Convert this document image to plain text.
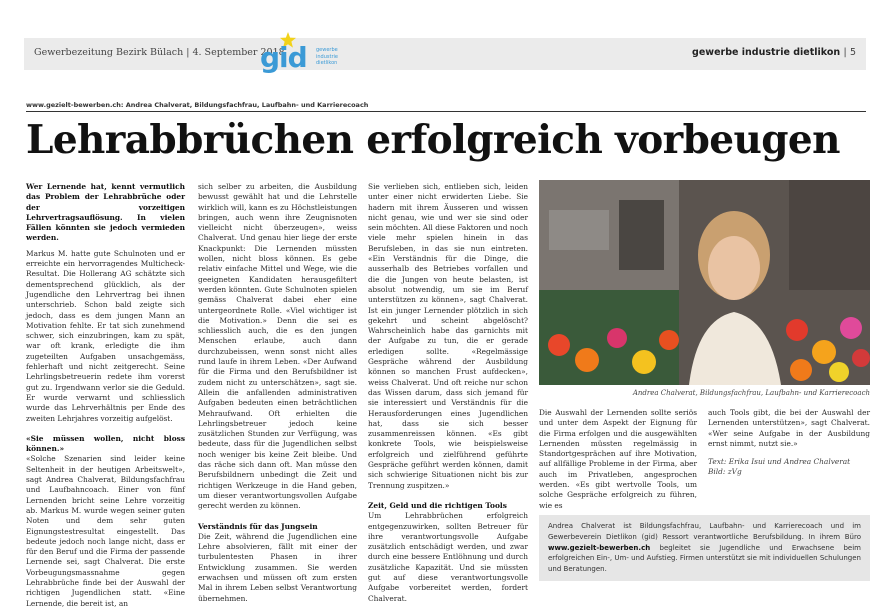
Gewerbezeitung Bezirk Bülach | 4. September 2018	gewerbe industrie dietlikon | 5
gid gewerbe
industrie
dietlikon
www.gezielt-bewerben.ch: Andrea Chalverat, Bildungsfachfrau, Laufbahn- und Karrierecoach
Lehrabbrüchen erfolgreich vorbeugen

Wer Lernende hat, kennt vermutlich das Problem der Lehrabbrüche oder der vorzeitigen Lehrvertragsauflösung. In vielen Fällen könnten sie jedoch vermieden werden.

Markus M. hatte gute Schulnoten und er erreichte ein hervorragendes Multicheck-Resultat. Die Hollerang AG schätzte sich dementsprechend glücklich, als der Jugendliche den Lehrvertrag bei ihnen unterschrieb. Schon bald zeigte sich jedoch, dass es dem jungen Mann an Motivation fehlte. Er tat sich zunehmend schwer, sich einzubringen, kam zu spät, war oft krank, erledigte die ihm zugeteilten Aufgaben unsachgemäss, fehlerhaft und nicht zeitgerecht. Seine Lehrlingsbetreuerin redete ihm vorerst gut zu. Irgendwann verlor sie die Geduld. Er wurde verwarnt und schliesslich wurde das Lehrverhältnis per Ende des zweiten Lehrjahres vorzeitig aufgelöst.

«Sie müssen wollen, nicht bloss können.»

«Solche Szenarien sind leider keine Seltenheit in der heutigen Arbeitswelt», sagt Andrea Chalverat, Bildungsfachfrau und Laufbahncoach. Einer von fünf Lernenden bricht seine Lehre vorzeitig ab. Markus M. wurde wegen seiner guten Noten und dem sehr guten Eignungstestresultat eingestellt. Das bedeute jedoch noch lange nicht, dass er für den Beruf und die Firma der passende Lernende sei, sagt Chalverat. Die erste Vorbeugungsmassnahme gegen Lehrabbrüche finde bei der Auswahl der richtigen Jugendlichen statt. «Eine Lernende, die bereit ist, an

sich selber zu arbeiten, die Ausbildung bewusst gewählt hat und die Lehrstelle wirklich will, kann es zu Höchstleistungen bringen, auch wenn ihre Zeugnisnoten vielleicht nicht überzeugen», weiss Chalverat. Und genau hier liege der erste Knackpunkt: Die Lernenden müssten wollen, nicht bloss können. Es gebe relativ einfache Mittel und Wege, wie die geeigneten Kandidaten herausgefiltert werden könnten. Gute Schulnoten spielen gemäss Chalverat dabei eher eine untergeordnete Rolle. «Viel wichtiger ist die Motivation.» Denn die sei es schliesslich auch, die es den jungen Menschen erlaube, auch dann durchzubeissen, wenn sonst nicht alles rund laufe in ihrem Leben. «Der Aufwand für die Firma und den Berufsbildner ist zudem nicht zu unterschätzen», sagt sie. Allein die anfallenden administrativen Aufgaben bedeuten einen beträchtlichen Mehraufwand. Oft erhielten die Lehrlingsbetreuer jedoch keine zusätzlichen Stunden zur Verfügung, was bedeute, dass für die Jugendlichen selbst noch weniger bis keine Zeit bleibe. Und das räche sich dann oft. Man müsse den Berufsbildnern unbedingt die Zeit und richtigen Werkzeuge in die Hand geben, um dieser verantwortungsvollen Aufgabe gerecht werden zu können.

Verständnis für das Jungsein

Die Zeit, während die Jugendlichen eine Lehre absolvieren, fällt mit einer der turbulentesten Phasen in ihrer Entwicklung zusammen. Sie werden erwachsen und müssen oft zum ersten Mal in ihrem Leben selbst Verantwortung übernehmen.

Sie verlieben sich, entlieben sich, leiden unter einer nicht erwiderten Liebe. Sie hadern mit ihrem Äusseren und wissen nicht genau, wie und wer sie sind oder sein möchten. All diese Faktoren und noch viele mehr spielen hinein in das Berufsleben, in das sie nun eintreten. «Ein Verständnis für die Dinge, die ausserhalb des Betriebes vorfallen und die die Jungen von heute belasten, ist absolut notwendig, um sie im Beruf unterstützen zu können», sagt Chalverat. Ist ein junger Lernender plötzlich in sich gekehrt und scheint abgelöscht? Wahrscheinlich habe das garnichts mit der Aufgabe zu tun, die er gerade erledigen sollte. «Regelmässige Gespräche während der Ausbildung können so manchen Frust aufdecken», weiss Chalverat. Und oft reiche nur schon das Wissen darum, dass sich jemand für sie interessiert und Verständnis für die Herausforderungen eines Jugendlichen hat, dass sie sich besser zusammenreissen können. «Es gibt konkrete Tools, wie beispielsweise erfolgreich und zielführend geführte Gespräche geführt werden können, damit sich schwierige Situationen nicht bis zur Trennung zuspitzen.»

Zeit, Geld und die richtigen Tools

Um Lehrabbrüchen erfolgreich entgegenzuwirken, sollten Betreuer für ihre verantwortungsvolle Aufgabe zusätzlich entschädigt werden, und zwar durch eine bessere Entlöhnung und durch zusätzliche Kapazität. Und sie müssten gut auf diese verantwortungsvolle Aufgabe vorbereitet werden, fordert Chalverat.

Andrea Chalverat, Bildungsfachfrau, Laufbahn- und Karrierecoach

Die Auswahl der Lernenden sollte seriös und unter dem Aspekt der Eignung für die Firma erfolgen und die ausgewählten Lernenden müssten regelmässig in Standortgesprächen auf ihre Motivation, auf allfällige Probleme in der Firma, aber auch im Privatleben, angesprochen werden. «Es gibt wertvolle Tools, um solche Gespräche erfolgreich zu führen, wie es

auch Tools gibt, die bei der Auswahl der Lernenden unterstützen», sagt Chalverat. «Wer seine Aufgabe in der Ausbildung ernst nimmt, nutzt sie.»

Text: Erika Isui und Andrea Chalverat

Bild: zVg

Andrea Chalverat ist Bildungsfachfrau, Laufbahn- und Karrierecoach und im Gewerbeverein Dietlikon (gid) Ressort verantwortliche Berufsbildung. In ihrem Büro www.gezielt-bewerben.ch begleitet sie Jugendliche und Erwachsene beim erfolgreichen Ein-, Um- und Aufstieg. Firmen unterstützt sie mit individuellen Schulungen und Beratungen.
